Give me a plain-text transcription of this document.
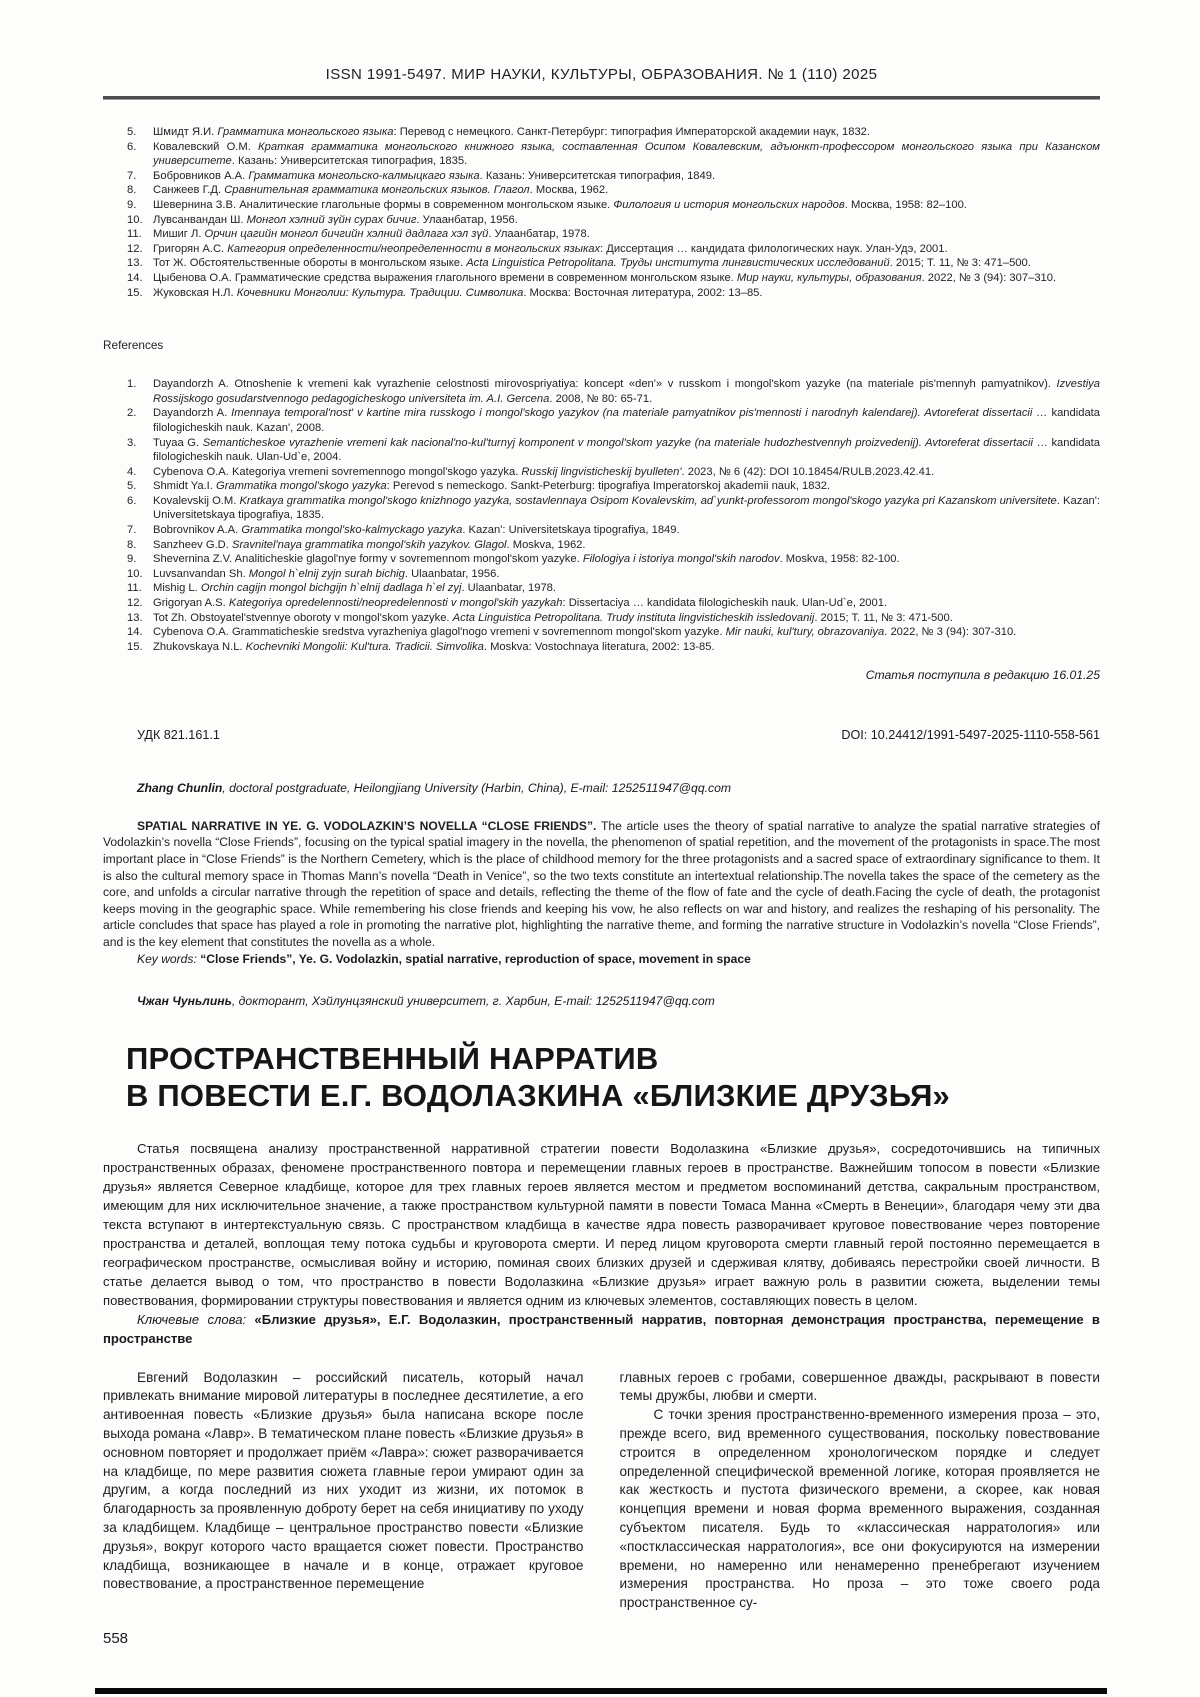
ISSN 1991-5497. МИР НАУКИ, КУЛЬТУРЫ, ОБРАЗОВАНИЯ. № 1 (110) 2025
5. Шмидт Я.И. Грамматика монгольского языка: Перевод с немецкого. Санкт-Петербург: типография Императорской академии наук, 1832.
6. Ковалевский О.М. Краткая грамматика монгольского книжного языка, составленная Осипом Ковалевским, адъюнкт-профессором монгольского языка при Казанском университете. Казань: Университетская типография, 1835.
7. Бобровников А.А. Грамматика монгольско-калмыцкаго языка. Казань: Университетская типография, 1849.
8. Санжеев Г.Д. Сравнительная грамматика монгольских языков. Глагол. Москва, 1962.
9. Шевернина З.В. Аналитические глагольные формы в современном монгольском языке. Филология и история монгольских народов. Москва, 1958: 82–100.
10. Лувсанвандан Ш. Монгол хэлний зүйн сурах бичиг. Улаанбатар, 1956.
11. Мишиг Л. Орчин цагийн монгол бичгийн хэлний дадлага хэл зүй. Улаанбатар, 1978.
12. Григорян А.С. Категория определенности/неопределенности в монгольских языках: Диссертация … кандидата филологических наук. Улан-Удэ, 2001.
13. Тот Ж. Обстоятельственные обороты в монгольском языке. Acta Linguistica Petropolitana. Труды института лингвистических исследований. 2015; Т. 11, № 3: 471–500.
14. Цыбенова О.А. Грамматические средства выражения глагольного времени в современном монгольском языке. Мир науки, культуры, образования. 2022, № 3 (94): 307–310.
15. Жуковская Н.Л. Кочевники Монголии: Культура. Традиции. Символика. Москва: Восточная литература, 2002: 13–85.
References
1. Dayandorzh A. Otnoshenie k vremeni kak vyrazhenie celostnosti mirovospriyatiya: koncept «den'» v russkom i mongol'skom yazyke (na materiale pis'mennyh pamyatnikov). Izvestiya Rossijskogo gosudarstvennogo pedagogicheskogo universiteta im. A.I. Gercena. 2008, № 80: 65-71.
2. Dayandorzh A. Imennaya temporal'nost' v kartine mira russkogo i mongol'skogo yazykov (na materiale pamyatnikov pis'mennosti i narodnyh kalendarej). Avtoreferat dissertacii … kandidata filologicheskih nauk. Kazan', 2008.
3. Tuyaa G. Semanticheskoe vyrazhenie vremeni kak nacional'no-kul'turnyj komponent v mongol'skom yazyke (na materiale hudozhestvennyh proizvedenij). Avtoreferat dissertacii … kandidata filologicheskih nauk. Ulan-Ud`e, 2004.
4. Cybenova O.A. Kategoriya vremeni sovremennogo mongol'skogo yazyka. Russkij lingvisticheskij byulleten'. 2023, № 6 (42): DOI 10.18454/RULB.2023.42.41.
5. Shmidt Ya.I. Grammatika mongol'skogo yazyka: Perevod s nemeckogo. Sankt-Peterburg: tipografiya Imperatorskoj akademii nauk, 1832.
6. Kovalevskij O.M. Kratkaya grammatika mongol'skogo knizhnogo yazyka, sostavlennaya Osipom Kovalevskim, ad`yunkt-professorom mongol'skogo yazyka pri Kazanskom universitete. Kazan': Universitetskaya tipografiya, 1835.
7. Bobrovnikov A.A. Grammatika mongol'sko-kalmyckago yazyka. Kazan': Universitetskaya tipografiya, 1849.
8. Sanzheev G.D. Sravnitel'naya grammatika mongol'skih yazykov. Glagol. Moskva, 1962.
9. Shevernina Z.V. Analiticheskie glagol'nye formy v sovremennom mongol'skom yazyke. Filologiya i istoriya mongol'skih narodov. Moskva, 1958: 82-100.
10. Luvsanvandan Sh. Mongol h`elnij zyjn surah bichig. Ulaanbatar, 1956.
11. Mishig L. Orchin cagijn mongol bichgijn h`elnij dadlaga h`el zyj. Ulaanbatar, 1978.
12. Grigoryan A.S. Kategoriya opredelennosti/neopredelennosti v mongol'skih yazykah: Dissertaciya … kandidata filologicheskih nauk. Ulan-Ud`e, 2001.
13. Tot Zh. Obstoyatel'stvennye oboroty v mongol'skom yazyke. Acta Linguistica Petropolitana. Trudy instituta lingvisticheskih issledovanij. 2015; T. 11, № 3: 471-500.
14. Cybenova O.A. Grammaticheskie sredstva vyrazheniya glagol'nogo vremeni v sovremennom mongol'skom yazyke. Mir nauki, kul'tury, obrazovaniya. 2022, № 3 (94): 307-310.
15. Zhukovskaya N.L. Kochevniki Mongolii: Kul'tura. Tradicii. Simvolika. Moskva: Vostochnaya literatura, 2002: 13-85.
Статья поступила в редакцию 16.01.25
УДК 821.161.1	DOI: 10.24412/1991-5497-2025-1110-558-561

Zhang Chunlin, doctoral postgraduate, Heilongjiang University (Harbin, China), E-mail: 1252511947@qq.com

SPATIAL NARRATIVE IN YE. G. VODOLAZKIN’S NOVELLA “CLOSE FRIENDS”. The article uses the theory of spatial narrative to analyze the spatial narrative strategies of Vodolazkin’s novella “Close Friends”, focusing on the typical spatial imagery in the novella, the phenomenon of spatial repetition, and the movement of the protagonists in space.The most important place in “Close Friends” is the Northern Cemetery, which is the place of childhood memory for the three protagonists and a sacred space of extraordinary significance to them. It is also the cultural memory space in Thomas Mann’s novella “Death in Venice”, so the two texts constitute an intertextual relationship.The novella takes the space of the cemetery as the core, and unfolds a circular narrative through the repetition of space and details, reflecting the theme of the flow of fate and the cycle of death.Facing the cycle of death, the protagonist keeps moving in the geographic space. While remembering his close friends and keeping his vow, he also reflects on war and history, and realizes the reshaping of his personality. The article concludes that space has played a role in promoting the narrative plot, highlighting the narrative theme, and forming the narrative structure in Vodolazkin’s novella “Close Friends”, and is the key element that constitutes the novella as a whole.

Key words: “Close Friends”, Ye. G. Vodolazkin, spatial narrative, reproduction of space, movement in space

Чжан Чуньлинь, докторант, Хэйлунцзянский университет, г. Харбин, E-mail: 1252511947@qq.com

ПРОСТРАНСТВЕННЫЙ НАРРАТИВ
В ПОВЕСТИ Е.Г. ВОДОЛАЗКИНА «БЛИЗКИЕ ДРУЗЬЯ»

Статья посвящена анализу пространственной нарративной стратегии повести Водолазкина «Близкие друзья», сосредоточившись на типичных пространственных образах, феномене пространственного повтора и перемещении главных героев в пространстве. Важнейшим топосом в повести «Близкие друзья» является Северное кладбище, которое для трех главных героев является местом и предметом воспоминаний детства, сакральным пространством, имеющим для них исключительное значение, а также пространством культурной памяти в повести Томаса Манна «Смерть в Венеции», благодаря чему эти два текста вступают в интертекстуальную связь. С пространством кладбища в качестве ядра повесть разворачивает круговое повествование через повторение пространства и деталей, воплощая тему потока судьбы и круговорота смерти. И перед лицом круговорота смерти главный герой постоянно перемещается в географическом пространстве, осмысливая войну и историю, поминая своих близких друзей и сдерживая клятву, добиваясь перестройки своей личности. В статье делается вывод о том, что пространство в повести Водолазкина «Близкие друзья» играет важную роль в развитии сюжета, выделении темы повествования, формировании структуры повествования и является одним из ключевых элементов, составляющих повесть в целом.

Ключевые слова: «Близкие друзья», Е.Г. Водолазкин, пространственный нарратив, повторная демонстрация пространства, перемещение в пространстве

Евгений Водолазкин – российский писатель, который начал привлекать внимание мировой литературы в последнее десятилетие, а его антивоенная повесть «Близкие друзья» была написана вскоре после выхода романа «Лавр». В тематическом плане повесть «Близкие друзья» в основном повторяет и продолжает приём «Лавра»: сюжет разворачивается на кладбище, по мере развития сюжета главные герои умирают один за другим, а когда последний из них уходит из жизни, их потомок в благодарность за проявленную доброту берет на себя инициативу по уходу за кладбищем. Кладбище – центральное пространство повести «Близкие друзья», вокруг которого часто вращается сюжет повести. Пространство кладбища, возникающее в начале и в конце, отражает круговое повествование, а пространственное перемещение

главных героев с гробами, совершенное дважды, раскрывают в повести темы дружбы, любви и смерти.

С точки зрения пространственно-временного измерения проза – это, прежде всего, вид временного существования, поскольку повествование строится в определенном хронологическом порядке и следует определенной специфической временной логике, которая проявляется не как жесткость и пустота физического времени, а скорее, как новая концепция времени и новая форма временного выражения, созданная субъектом писателя. Будь то «классическая нарратология» или «постклассическая нарратология», все они фокусируются на измерении времени, но намеренно или ненамеренно пренебрегают изучением измерения пространства. Но проза – это тоже своего рода пространственное су-

558
